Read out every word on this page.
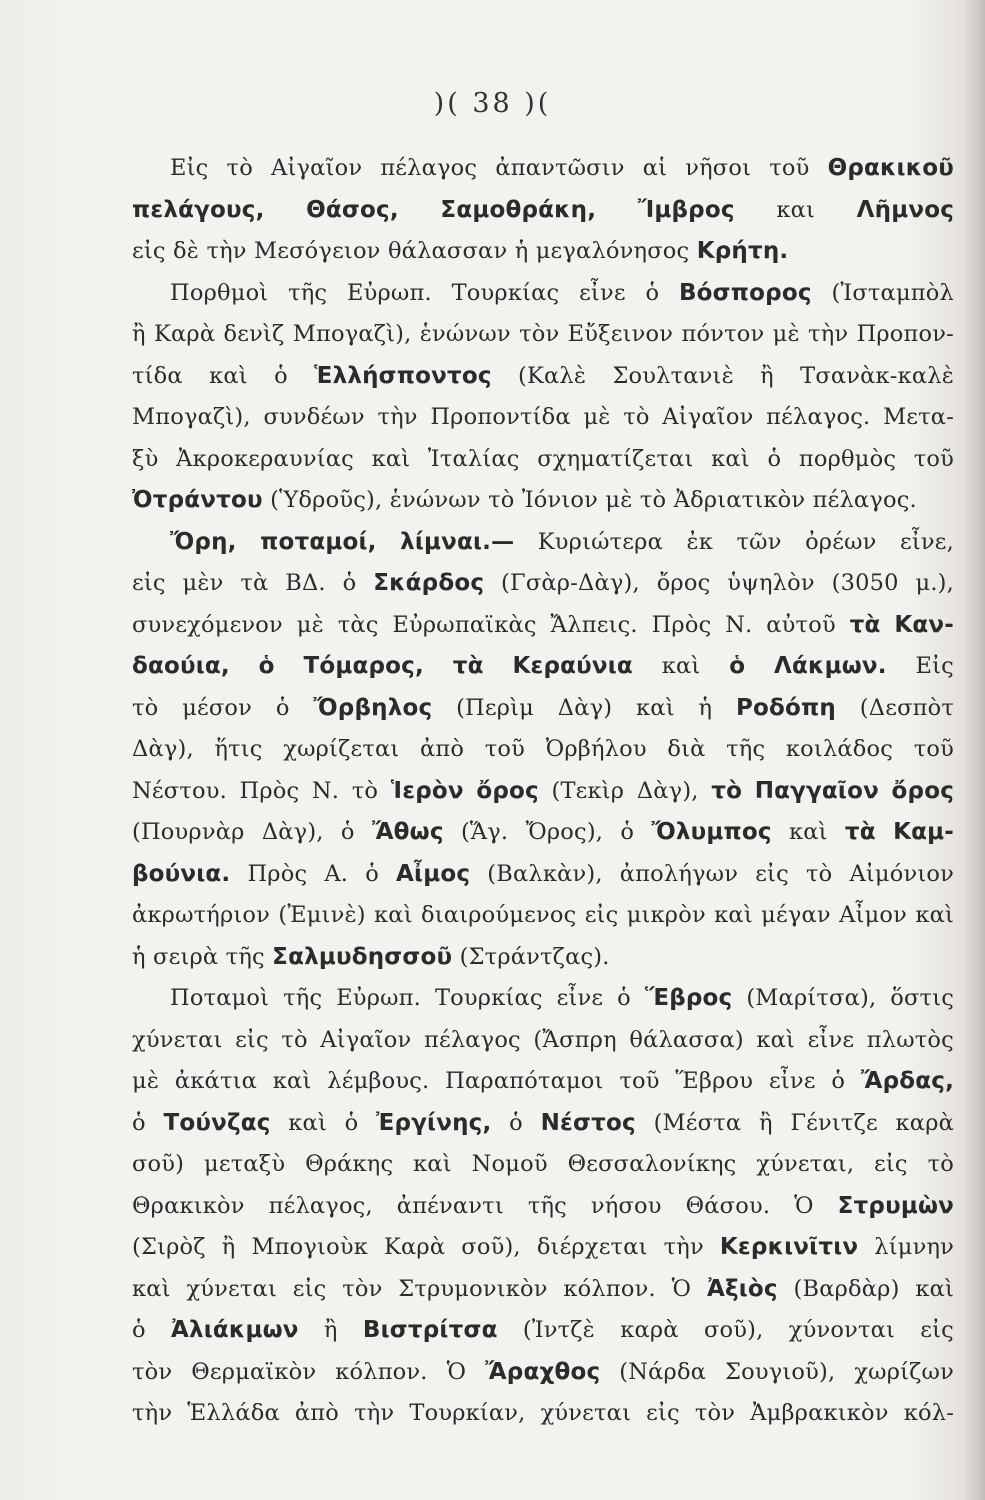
)( 38 )(
Εἰς τὸ Αἰγαῖον πέλαγος ἀπαντῶσιν αἱ νῆσοι τοῦ Θρακικοῦ
πελάγους, Θάσος, Σαμοθράκη, Ἴμβρος και Λῆμνος
εἰς δὲ τὴν Μεσόγειον θάλασσαν ἡ μεγαλόνησος Κρήτη.
Πορθμοὶ τῆς Εὐρωπ. Τουρκίας εἶνε ὁ Βόσπορος (Ἰσταμπὸλ
ἢ Καρὰ δενὶζ Μπογαζὶ), ἑνώνων τὸν Εὔξεινον πόντον μὲ τὴν Προπον-
τίδα καὶ ὁ Ἑλλήσποντος (Καλὲ Σουλτανιὲ ἢ Τσανὰκ-καλὲ
Μπογαζὶ), συνδέων τὴν Προποντίδα μὲ τὸ Αἰγαῖον πέλαγος. Μετα-
ξὺ Ἀκροκεραυνίας καὶ Ἰταλίας σχηματίζεται καὶ ὁ πορθμὸς τοῦ
Ὀτράντου (Ὑδροῦς), ἑνώνων τὸ Ἰόνιον μὲ τὸ Ἀδριατικὸν πέλαγος.
Ὄρη, ποταμοί, λίμναι.— Κυριώτερα ἐκ τῶν ὀρέων εἶνε,
εἰς μὲν τὰ ΒΔ. ὁ Σκάρδος (Γσὰρ-Δὰγ), ὄρος ὑψηλὸν (3050 μ.),
συνεχόμενον μὲ τὰς Εὐρωπαϊκὰς Ἄλπεις. Πρὸς Ν. αὐτοῦ τὰ Καν-
δαούια, ὁ Τόμαρος, τὰ Κεραύνια καὶ ὁ Λάκμων. Εἰς
τὸ μέσον ὁ Ὄρβηλος (Περὶμ Δὰγ) καὶ ἡ Ροδόπη (Δεσπὸτ
Δὰγ), ἥτις χωρίζεται ἀπὸ τοῦ Ὀρβήλου διὰ τῆς κοιλάδος τοῦ
Νέστου. Πρὸς Ν. τὸ Ἱερὸν ὄρος (Τεκὶρ Δὰγ), τὸ Παγγαῖον ὄρος
(Πουρνὰρ Δὰγ), ὁ Ἄθως (Ἅγ. Ὄρος), ὁ Ὄλυμπος καὶ τὰ Καμ-
βούνια. Πρὸς Α. ὁ Αἶμος (Βαλκὰν), ἀπολήγων εἰς τὸ Αἰμόνιον
ἀκρωτήριον (Ἐμινὲ) καὶ διαιρούμενος εἰς μικρὸν καὶ μέγαν Αἶμον καὶ
ἡ σειρὰ τῆς Σαλμυδησσοῦ (Στράντζας).
Ποταμοὶ τῆς Εὐρωπ. Τουρκίας εἶνε ὁ Ἕβρος (Μαρίτσα), ὅστις
χύνεται εἰς τὸ Αἰγαῖον πέλαγος (Ἄσπρη θάλασσα) καὶ εἶνε πλωτὸς
μὲ ἀκάτια καὶ λέμβους. Παραπόταμοι τοῦ Ἕβρου εἶνε ὁ Ἄρδας,
ὁ Τούνζας καὶ ὁ Ἐργίνης, ὁ Νέστος (Μέστα ἢ Γένιτζε καρὰ
σοῦ) μεταξὺ Θράκης καὶ Νομοῦ Θεσσαλονίκης χύνεται, εἰς τὸ
Θρακικὸν πέλαγος, ἀπέναντι τῆς νήσου Θάσου. Ὁ Στρυμὼν
(Σιρὸζ ἢ Μπογιοὺκ Καρὰ σοῦ), διέρχεται τὴν Κερκινῖτιν λίμνην
καὶ χύνεται εἰς τὸν Στρυμονικὸν κόλπον. Ὁ Ἀξιὸς (Βαρδὰρ) καὶ
ὁ Ἀλιάκμων ἢ Βιστρίτσα (Ἰντζὲ καρὰ σοῦ), χύνονται εἰς
τὸν Θερμαϊκὸν κόλπον. Ὁ Ἄραχθος (Νάρδα Σουγιοῦ), χωρίζων
τὴν Ἑλλάδα ἀπὸ τὴν Τουρκίαν, χύνεται εἰς τὸν Ἀμβρακικὸν κόλ-
